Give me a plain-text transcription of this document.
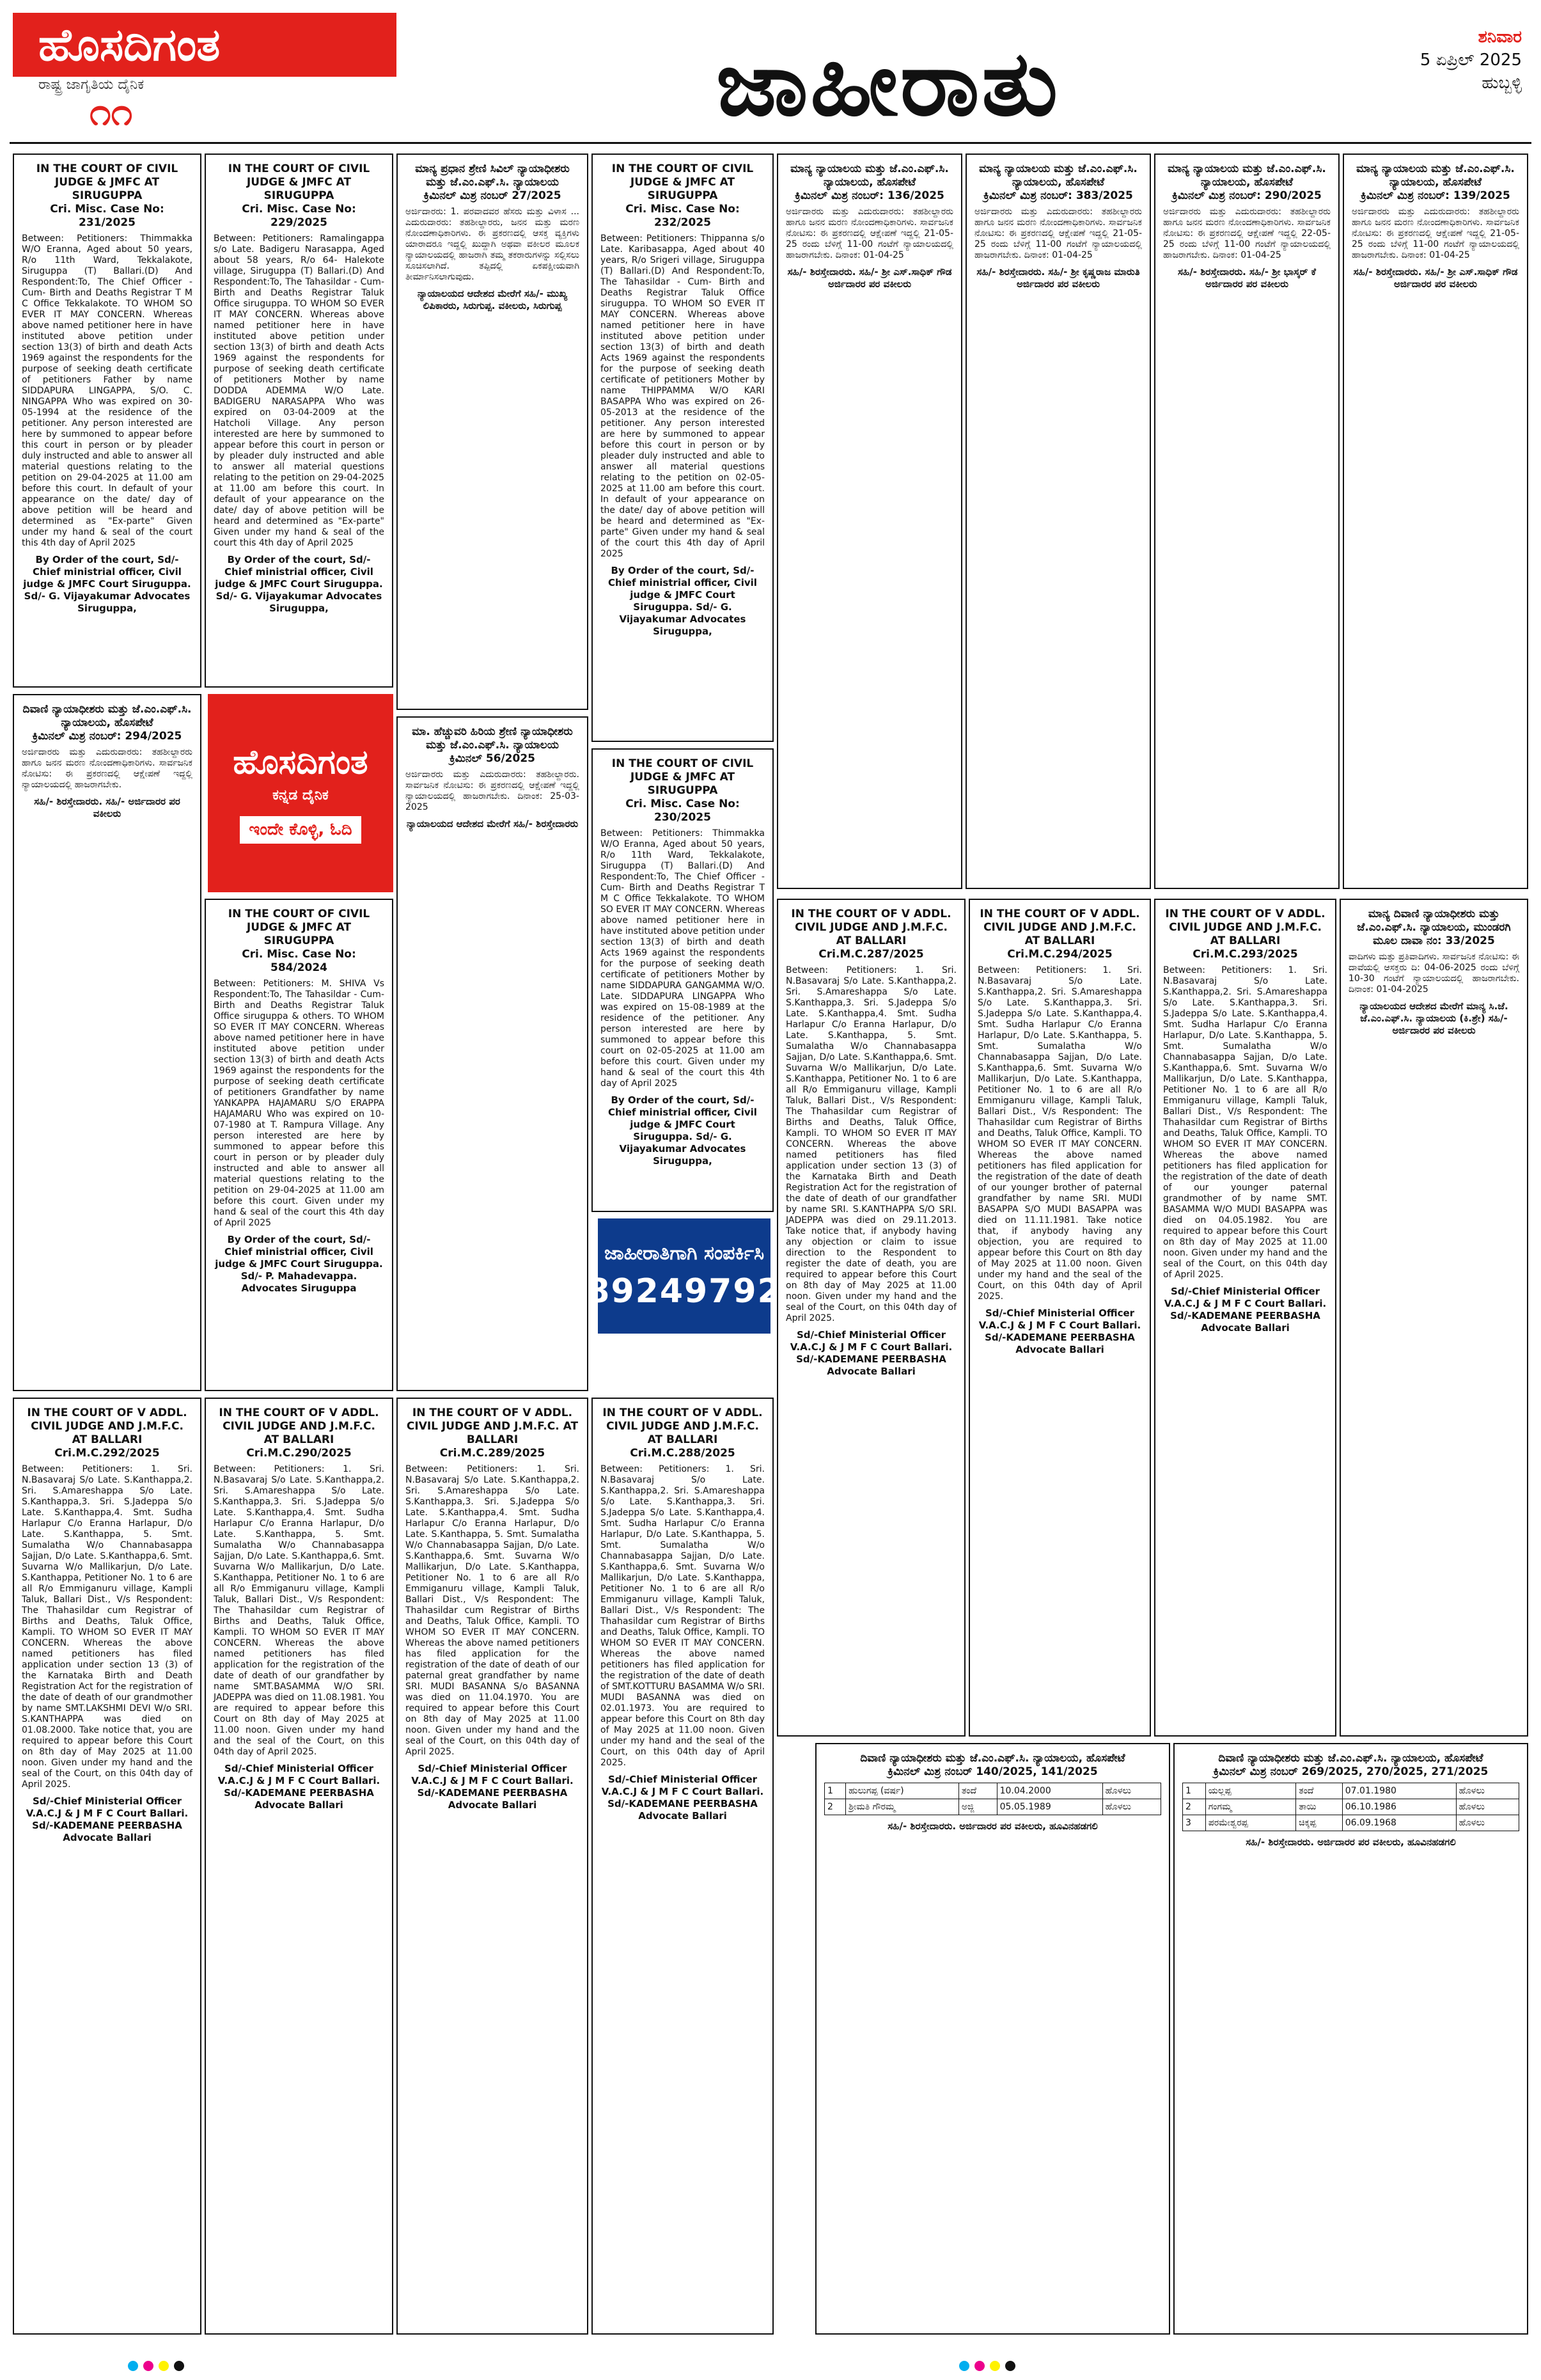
ಹೊಸದಿಗಂತ
ರಾಷ್ಟ್ರ ಜಾಗೃತಿಯ ದೈನಿಕ
೧೧	ಜಾಹೀರಾತು	ಶನಿವಾರ
5 ಏಪ್ರಿಲ್ 2025
ಹುಬ್ಬಳ್ಳಿ
IN THE COURT OF CIVIL JUDGE & JMFC AT SIRUGUPPA
Cri. Misc. Case No: 231/2025

Between: Petitioners: Thimmakka W/O Eranna, Aged about 50 years, R/o 11th Ward, Tekkalakote, Siruguppa (T) Ballari.(D) And Respondent:To, The Chief Officer - Cum- Birth and Deaths Registrar T M C Office Tekkalakote. TO WHOM SO EVER IT MAY CONCERN. Whereas above named petitioner here in have instituted above petition under section 13(3) of birth and death Acts 1969 against the respondents for the purpose of seeking death certificate of petitioners Father by name SIDDAPURA LINGAPPA, S/O. C. NINGAPPA Who was expired on 30-05-1994 at the residence of the petitioner. Any person interested are here by summoned to appear before this court in person or by pleader duly instructed and able to answer all material questions relating to the petition on 29-04-2025 at 11.00 am before this court. In default of your appearance on the date/ day of above petition will be heard and determined as "Ex-parte" Given under my hand & seal of the court this 4th day of April 2025

By Order of the court, Sd/- Chief ministrial officer, Civil judge & JMFC Court Siruguppa. Sd/- G. Vijayakumar Advocates Siruguppa,
IN THE COURT OF CIVIL JUDGE & JMFC AT SIRUGUPPA
Cri. Misc. Case No: 229/2025

Between: Petitioners: Ramalingappa s/o Late. Badigeru Narasappa, Aged about 58 years, R/o 64- Halekote village, Siruguppa (T) Ballari.(D) And Respondent:To, The Tahasildar - Cum- Birth and Deaths Registrar Taluk Office siruguppa. TO WHOM SO EVER IT MAY CONCERN. Whereas above named petitioner here in have instituted above petition under section 13(3) of birth and death Acts 1969 against the respondents for purpose of seeking death certificate of petitioners Mother by name DODDA ADEMMA W/O Late. BADIGERU NARASAPPA Who was expired on 03-04-2009 at the Hatcholi Village. Any person interested are here by summoned to appear before this court in person or by pleader duly instructed and able to answer all material questions relating to the petition on 29-04-2025 at 11.00 am before this court. In default of your appearance on the date/ day of above petition will be heard and determined as "Ex-parte" Given under my hand & seal of the court this 4th day of April 2025

By Order of the court, Sd/- Chief ministrial officer, Civil judge & JMFC Court Siruguppa. Sd/- G. Vijayakumar Advocates Siruguppa,
ಮಾನ್ಯ ಪ್ರಧಾನ ಶ್ರೇಣಿ ಸಿವಿಲ್ ನ್ಯಾಯಾಧೀಶರು ಮತ್ತು ಜೆ.ಎಂ.ಎಫ್.ಸಿ. ನ್ಯಾಯಾಲಯ
ಕ್ರಿಮಿನಲ್ ಮಿಶ್ರ ನಂಬರ್ 27/2025

ಅರ್ಜಿದಾರರು: 1. ಪರವಾದವರ ಹೆಸರು ಮತ್ತು ವಿಳಾಸ ... ಎದುರುದಾರರು: ತಹಶೀಲ್ದಾರರು, ಜನನ ಮತ್ತು ಮರಣ ನೋಂದಣಾಧಿಕಾರಿಗಳು. ಈ ಪ್ರಕರಣದಲ್ಲಿ ಆಸಕ್ತ ವ್ಯಕ್ತಿಗಳು ಯಾರಾದರೂ ಇದ್ದಲ್ಲಿ ಖುದ್ದಾಗಿ ಅಥವಾ ವಕೀಲರ ಮೂಲಕ ನ್ಯಾಯಾಲಯದಲ್ಲಿ ಹಾಜರಾಗಿ ತಮ್ಮ ತಕರಾರುಗಳನ್ನು ಸಲ್ಲಿಸಲು ಸೂಚಿಸಲಾಗಿದೆ. ತಪ್ಪಿದಲ್ಲಿ ಏಕಪಕ್ಷೀಯವಾಗಿ ತೀರ್ಮಾನಿಸಲಾಗುವುದು.

ನ್ಯಾಯಾಲಯದ ಆದೇಶದ ಮೇರೆಗೆ ಸಹಿ/- ಮುಖ್ಯ ಲಿಪಿಕಾರರು, ಸಿರುಗುಪ್ಪ. ವಕೀಲರು, ಸಿರುಗುಪ್ಪ
IN THE COURT OF CIVIL JUDGE & JMFC AT SIRUGUPPA
Cri. Misc. Case No: 232/2025

Between: Petitioners: Thippanna s/o Late. Karibasappa, Aged about 40 years, R/o Srigeri village, Siruguppa (T) Ballari.(D) And Respondent:To, The Tahasildar - Cum- Birth and Deaths Registrar Taluk Office siruguppa. TO WHOM SO EVER IT MAY CONCERN. Whereas above named petitioner here in have instituted above petition under section 13(3) of birth and death Acts 1969 against the respondents for the purpose of seeking death certificate of petitioners Mother by name THIPPAMMA W/O KARI BASAPPA Who was expired on 26-05-2013 at the residence of the petitioner. Any person interested are here by summoned to appear before this court in person or by pleader duly instructed and able to answer all material questions relating to the petition on 02-05-2025 at 11.00 am before this court. In default of your appearance on the date/ day of above petition will be heard and determined as "Ex-parte" Given under my hand & seal of the court this 4th day of April 2025

By Order of the court, Sd/- Chief ministrial officer, Civil judge & JMFC Court Siruguppa. Sd/- G. Vijayakumar Advocates Siruguppa,
ಮಾನ್ಯ ನ್ಯಾಯಾಲಯ ಮತ್ತು ಜೆ.ಎಂ.ಎಫ್.ಸಿ. ನ್ಯಾಯಾಲಯ, ಹೊಸಪೇಟೆ
ಕ್ರಿಮಿನಲ್ ಮಿಶ್ರ ನಂಬರ್: 136/2025

ಅರ್ಜಿದಾರರು ಮತ್ತು ಎದುರುದಾರರು: ತಹಶೀಲ್ದಾರರು ಹಾಗೂ ಜನನ ಮರಣ ನೋಂದಣಾಧಿಕಾರಿಗಳು. ಸಾರ್ವಜನಿಕ ನೋಟಿಸು: ಈ ಪ್ರಕರಣದಲ್ಲಿ ಆಕ್ಷೇಪಣೆ ಇದ್ದಲ್ಲಿ 21-05-25 ರಂದು ಬೆಳಿಗ್ಗೆ 11-00 ಗಂಟೆಗೆ ನ್ಯಾಯಾಲಯದಲ್ಲಿ ಹಾಜರಾಗಬೇಕು. ದಿನಾಂಕ: 01-04-25

ಸಹಿ/- ಶಿರಸ್ತೇದಾರರು. ಸಹಿ/- ಶ್ರೀ ಎಸ್.ಸಾಧಿಕ್ ಗೌಡ ಅರ್ಜಿದಾರರ ಪರ ವಕೀಲರು
ಮಾನ್ಯ ನ್ಯಾಯಾಲಯ ಮತ್ತು ಜೆ.ಎಂ.ಎಫ್.ಸಿ. ನ್ಯಾಯಾಲಯ, ಹೊಸಪೇಟೆ
ಕ್ರಿಮಿನಲ್ ಮಿಶ್ರ ನಂಬರ್: 383/2025

ಅರ್ಜಿದಾರರು ಮತ್ತು ಎದುರುದಾರರು: ತಹಶೀಲ್ದಾರರು ಹಾಗೂ ಜನನ ಮರಣ ನೋಂದಣಾಧಿಕಾರಿಗಳು. ಸಾರ್ವಜನಿಕ ನೋಟಿಸು: ಈ ಪ್ರಕರಣದಲ್ಲಿ ಆಕ್ಷೇಪಣೆ ಇದ್ದಲ್ಲಿ 21-05-25 ರಂದು ಬೆಳಿಗ್ಗೆ 11-00 ಗಂಟೆಗೆ ನ್ಯಾಯಾಲಯದಲ್ಲಿ ಹಾಜರಾಗಬೇಕು. ದಿನಾಂಕ: 01-04-25

ಸಹಿ/- ಶಿರಸ್ತೇದಾರರು. ಸಹಿ/- ಶ್ರೀ ಕೃಷ್ಣರಾಜ ಮಾರುತಿ ಅರ್ಜಿದಾರರ ಪರ ವಕೀಲರು
ಮಾನ್ಯ ನ್ಯಾಯಾಲಯ ಮತ್ತು ಜೆ.ಎಂ.ಎಫ್.ಸಿ. ನ್ಯಾಯಾಲಯ, ಹೊಸಪೇಟೆ
ಕ್ರಿಮಿನಲ್ ಮಿಶ್ರ ನಂಬರ್: 290/2025

ಅರ್ಜಿದಾರರು ಮತ್ತು ಎದುರುದಾರರು: ತಹಶೀಲ್ದಾರರು ಹಾಗೂ ಜನನ ಮರಣ ನೋಂದಣಾಧಿಕಾರಿಗಳು. ಸಾರ್ವಜನಿಕ ನೋಟಿಸು: ಈ ಪ್ರಕರಣದಲ್ಲಿ ಆಕ್ಷೇಪಣೆ ಇದ್ದಲ್ಲಿ 22-05-25 ರಂದು ಬೆಳಿಗ್ಗೆ 11-00 ಗಂಟೆಗೆ ನ್ಯಾಯಾಲಯದಲ್ಲಿ ಹಾಜರಾಗಬೇಕು. ದಿನಾಂಕ: 01-04-25

ಸಹಿ/- ಶಿರಸ್ತೇದಾರರು. ಸಹಿ/- ಶ್ರೀ ಭಾಸ್ಕರ್ ಕೆ ಅರ್ಜಿದಾರರ ಪರ ವಕೀಲರು
ಮಾನ್ಯ ನ್ಯಾಯಾಲಯ ಮತ್ತು ಜೆ.ಎಂ.ಎಫ್.ಸಿ. ನ್ಯಾಯಾಲಯ, ಹೊಸಪೇಟೆ
ಕ್ರಿಮಿನಲ್ ಮಿಶ್ರ ನಂಬರ್: 139/2025

ಅರ್ಜಿದಾರರು ಮತ್ತು ಎದುರುದಾರರು: ತಹಶೀಲ್ದಾರರು ಹಾಗೂ ಜನನ ಮರಣ ನೋಂದಣಾಧಿಕಾರಿಗಳು. ಸಾರ್ವಜನಿಕ ನೋಟಿಸು: ಈ ಪ್ರಕರಣದಲ್ಲಿ ಆಕ್ಷೇಪಣೆ ಇದ್ದಲ್ಲಿ 21-05-25 ರಂದು ಬೆಳಿಗ್ಗೆ 11-00 ಗಂಟೆಗೆ ನ್ಯಾಯಾಲಯದಲ್ಲಿ ಹಾಜರಾಗಬೇಕು. ದಿನಾಂಕ: 01-04-25

ಸಹಿ/- ಶಿರಸ್ತೇದಾರರು. ಸಹಿ/- ಶ್ರೀ ಎಸ್.ಸಾಧಿಕ್ ಗೌಡ ಅರ್ಜಿದಾರರ ಪರ ವಕೀಲರು
ದಿವಾಣಿ ನ್ಯಾಯಾಧೀಶರು ಮತ್ತು ಜೆ.ಎಂ.ಎಫ್.ಸಿ. ನ್ಯಾಯಾಲಯ, ಹೊಸಪೇಟೆ
ಕ್ರಿಮಿನಲ್ ಮಿಶ್ರ ನಂಬರ್: 294/2025

ಅರ್ಜಿದಾರರು ಮತ್ತು ಎದುರುದಾರರು: ತಹಶೀಲ್ದಾರರು ಹಾಗೂ ಜನನ ಮರಣ ನೋಂದಣಾಧಿಕಾರಿಗಳು. ಸಾರ್ವಜನಿಕ ನೋಟಿಸು: ಈ ಪ್ರಕರಣದಲ್ಲಿ ಆಕ್ಷೇಪಣೆ ಇದ್ದಲ್ಲಿ ನ್ಯಾಯಾಲಯದಲ್ಲಿ ಹಾಜರಾಗಬೇಕು.

ಸಹಿ/- ಶಿರಸ್ತೇದಾರರು. ಸಹಿ/- ಅರ್ಜಿದಾರರ ಪರ ವಕೀಲರು
ಹೊಸದಿಗಂತ
ಕನ್ನಡ ದೈನಿಕ
ಇಂದೇ ಕೊಳ್ಳಿ, ಓದಿ
IN THE COURT OF CIVIL JUDGE & JMFC AT SIRUGUPPA
Cri. Misc. Case No: 584/2024

Between: Petitioners: M. SHIVA Vs Respondent:To, The Tahasildar - Cum- Birth and Deaths Registrar Taluk Office siruguppa & others. TO WHOM SO EVER IT MAY CONCERN. Whereas above named petitioner here in have instituted above petition under section 13(3) of birth and death Acts 1969 against the respondents for the purpose of seeking death certificate of petitioners Grandfather by name YANKAPPA HAJAMARU S/O ERAPPA HAJAMARU Who was expired on 10-07-1980 at T. Rampura Village. Any person interested are here by summoned to appear before this court in person or by pleader duly instructed and able to answer all material questions relating to the petition on 29-04-2025 at 11.00 am before this court. Given under my hand & seal of the court this 4th day of April 2025

By Order of the court, Sd/- Chief ministrial officer, Civil judge & JMFC Court Siruguppa. Sd/- P. Mahadevappa. Advocates Siruguppa
ಮಾ. ಹೆಚ್ಚುವರಿ ಹಿರಿಯ ಶ್ರೇಣಿ ನ್ಯಾಯಾಧೀಶರು ಮತ್ತು ಜೆ.ಎಂ.ಎಫ್.ಸಿ. ನ್ಯಾಯಾಲಯ
ಕ್ರಿಮಿನಲ್ 56/2025

ಅರ್ಜಿದಾರರು ಮತ್ತು ಎದುರುದಾರರು: ತಹಶೀಲ್ದಾರರು. ಸಾರ್ವಜನಿಕ ನೋಟಿಸು: ಈ ಪ್ರಕರಣದಲ್ಲಿ ಆಕ್ಷೇಪಣೆ ಇದ್ದಲ್ಲಿ ನ್ಯಾಯಾಲಯದಲ್ಲಿ ಹಾಜರಾಗಬೇಕು. ದಿನಾಂಕ: 25-03-2025

ನ್ಯಾಯಾಲಯದ ಆದೇಶದ ಮೇರೆಗೆ ಸಹಿ/- ಶಿರಸ್ತೇದಾರರು
IN THE COURT OF CIVIL JUDGE & JMFC AT SIRUGUPPA
Cri. Misc. Case No: 230/2025

Between: Petitioners: Thimmakka W/O Eranna, Aged about 50 years, R/o 11th Ward, Tekkalakote, Siruguppa (T) Ballari.(D) And Respondent:To, The Chief Officer - Cum- Birth and Deaths Registrar T M C Office Tekkalakote. TO WHOM SO EVER IT MAY CONCERN. Whereas above named petitioner here in have instituted above petition under section 13(3) of birth and death Acts 1969 against the respondents for the purpose of seeking death certificate of petitioners Mother by name SIDDAPURA GANGAMMA W/O. Late. SIDDAPURA LINGAPPA Who was expired on 15-08-1989 at the residence of the petitioner. Any person interested are here by summoned to appear before this court on 02-05-2025 at 11.00 am before this court. Given under my hand & seal of the court this 4th day of April 2025

By Order of the court, Sd/- Chief ministrial officer, Civil judge & JMFC Court Siruguppa. Sd/- G. Vijayakumar Advocates Siruguppa,
ಜಾಹೀರಾತಿಗಾಗಿ ಸಂಪರ್ಕಿಸಿ
8892497927
IN THE COURT OF V ADDL. CIVIL JUDGE AND J.M.F.C. AT BALLARI
Cri.M.C.287/2025

Between: Petitioners: 1. Sri. N.Basavaraj S/o Late. S.Kanthappa,2. Sri. S.Amareshappa S/o Late. S.Kanthappa,3. Sri. S.Jadeppa S/o Late. S.Kanthappa,4. Smt. Sudha Harlapur C/o Eranna Harlapur, D/o Late. S.Kanthappa, 5. Smt. Sumalatha W/o Channabasappa Sajjan, D/o Late. S.Kanthappa,6. Smt. Suvarna W/o Mallikarjun, D/o Late. S.Kanthappa, Petitioner No. 1 to 6 are all R/o Emmiganuru village, Kampli Taluk, Ballari Dist., V/s Respondent: The Thahasildar cum Registrar of Births and Deaths, Taluk Office, Kampli. TO WHOM SO EVER IT MAY CONCERN. Whereas the above named petitioners has filed application under section 13 (3) of the Karnataka Birth and Death Registration Act for the registration of the date of death of our grandfather by name SRI. S.KANTHAPPA S/O SRI. JADEPPA was died on 29.11.2013. Take notice that, if anybody having any objection or claim to issue direction to the Respondent to register the date of death, you are required to appear before this Court on 8th day of May 2025 at 11.00 noon. Given under my hand and the seal of the Court, on this 04th day of April 2025.

Sd/-Chief Ministerial Officer V.A.C.J & J M F C Court Ballari. Sd/-KADEMANE PEERBASHA Advocate Ballari
IN THE COURT OF V ADDL. CIVIL JUDGE AND J.M.F.C. AT BALLARI
Cri.M.C.294/2025

Between: Petitioners: 1. Sri. N.Basavaraj S/o Late. S.Kanthappa,2. Sri. S.Amareshappa S/o Late. S.Kanthappa,3. Sri. S.Jadeppa S/o Late. S.Kanthappa,4. Smt. Sudha Harlapur C/o Eranna Harlapur, D/o Late. S.Kanthappa, 5. Smt. Sumalatha W/o Channabasappa Sajjan, D/o Late. S.Kanthappa,6. Smt. Suvarna W/o Mallikarjun, D/o Late. S.Kanthappa, Petitioner No. 1 to 6 are all R/o Emmiganuru village, Kampli Taluk, Ballari Dist., V/s Respondent: The Thahasildar cum Registrar of Births and Deaths, Taluk Office, Kampli. TO WHOM SO EVER IT MAY CONCERN. Whereas the above named petitioners has filed application for the registration of the date of death of our younger brother of paternal grandfather by name SRI. MUDI BASAPPA S/O MUDI BASAPPA was died on 11.11.1981. Take notice that, if anybody having any objection, you are required to appear before this Court on 8th day of May 2025 at 11.00 noon. Given under my hand and the seal of the Court, on this 04th day of April 2025.

Sd/-Chief Ministerial Officer V.A.C.J & J M F C Court Ballari. Sd/-KADEMANE PEERBASHA Advocate Ballari
IN THE COURT OF V ADDL. CIVIL JUDGE AND J.M.F.C. AT BALLARI
Cri.M.C.293/2025

Between: Petitioners: 1. Sri. N.Basavaraj S/o Late. S.Kanthappa,2. Sri. S.Amareshappa S/o Late. S.Kanthappa,3. Sri. S.Jadeppa S/o Late. S.Kanthappa,4. Smt. Sudha Harlapur C/o Eranna Harlapur, D/o Late. S.Kanthappa, 5. Smt. Sumalatha W/o Channabasappa Sajjan, D/o Late. S.Kanthappa,6. Smt. Suvarna W/o Mallikarjun, D/o Late. S.Kanthappa, Petitioner No. 1 to 6 are all R/o Emmiganuru village, Kampli Taluk, Ballari Dist., V/s Respondent: The Thahasildar cum Registrar of Births and Deaths, Taluk Office, Kampli. TO WHOM SO EVER IT MAY CONCERN. Whereas the above named petitioners has filed application for the registration of the date of death of our younger paternal grandmother of by name SMT. BASAMMA W/O MUDI BASAPPA was died on 04.05.1982. You are required to appear before this Court on 8th day of May 2025 at 11.00 noon. Given under my hand and the seal of the Court, on this 04th day of April 2025.

Sd/-Chief Ministerial Officer V.A.C.J & J M F C Court Ballari. Sd/-KADEMANE PEERBASHA Advocate Ballari
ಮಾನ್ಯ ದಿವಾಣಿ ನ್ಯಾಯಾಧೀಶರು ಮತ್ತು ಜೆ.ಎಂ.ಎಫ್.ಸಿ. ನ್ಯಾಯಾಲಯ, ಮುಂಡರಗಿ
ಮೂಲ ದಾವಾ ನಂ: 33/2025

ವಾದಿಗಳು ಮತ್ತು ಪ್ರತಿವಾದಿಗಳು. ಸಾರ್ವಜನಿಕ ನೋಟಿಸು: ಈ ದಾವೆಯಲ್ಲಿ ಆಸಕ್ತರು ದಿ: 04-06-2025 ರಂದು ಬೆಳಿಗ್ಗೆ 10-30 ಗಂಟೆಗೆ ನ್ಯಾಯಾಲಯದಲ್ಲಿ ಹಾಜರಾಗಬೇಕು. ದಿನಾಂಕ: 01-04-2025

ನ್ಯಾಯಾಲಯದ ಆದೇಶದ ಮೇರೆಗೆ ಮಾನ್ಯ ಸಿ.ಜೆ. ಜೆ.ಎಂ.ಎಫ್.ಸಿ. ನ್ಯಾಯಾಲಯ (ಕಿ.ಶ್ರೇ) ಸಹಿ/- ಅರ್ಜಿದಾರರ ಪರ ವಕೀಲರು
IN THE COURT OF V ADDL. CIVIL JUDGE AND J.M.F.C. AT BALLARI
Cri.M.C.292/2025

Between: Petitioners: 1. Sri. N.Basavaraj S/o Late. S.Kanthappa,2. Sri. S.Amareshappa S/o Late. S.Kanthappa,3. Sri. S.Jadeppa S/o Late. S.Kanthappa,4. Smt. Sudha Harlapur C/o Eranna Harlapur, D/o Late. S.Kanthappa, 5. Smt. Sumalatha W/o Channabasappa Sajjan, D/o Late. S.Kanthappa,6. Smt. Suvarna W/o Mallikarjun, D/o Late. S.Kanthappa, Petitioner No. 1 to 6 are all R/o Emmiganuru village, Kampli Taluk, Ballari Dist., V/s Respondent: The Thahasildar cum Registrar of Births and Deaths, Taluk Office, Kampli. TO WHOM SO EVER IT MAY CONCERN. Whereas the above named petitioners has filed application under section 13 (3) of the Karnataka Birth and Death Registration Act for the registration of the date of death of our grandmother by name SMT.LAKSHMI DEVI W/o SRI. S.KANTHAPPA was died on 01.08.2000. Take notice that, you are required to appear before this Court on 8th day of May 2025 at 11.00 noon. Given under my hand and the seal of the Court, on this 04th day of April 2025.

Sd/-Chief Ministerial Officer V.A.C.J & J M F C Court Ballari. Sd/-KADEMANE PEERBASHA Advocate Ballari
IN THE COURT OF V ADDL. CIVIL JUDGE AND J.M.F.C. AT BALLARI
Cri.M.C.290/2025

Between: Petitioners: 1. Sri. N.Basavaraj S/o Late. S.Kanthappa,2. Sri. S.Amareshappa S/o Late. S.Kanthappa,3. Sri. S.Jadeppa S/o Late. S.Kanthappa,4. Smt. Sudha Harlapur C/o Eranna Harlapur, D/o Late. S.Kanthappa, 5. Smt. Sumalatha W/o Channabasappa Sajjan, D/o Late. S.Kanthappa,6. Smt. Suvarna W/o Mallikarjun, D/o Late. S.Kanthappa, Petitioner No. 1 to 6 are all R/o Emmiganuru village, Kampli Taluk, Ballari Dist., V/s Respondent: The Thahasildar cum Registrar of Births and Deaths, Taluk Office, Kampli. TO WHOM SO EVER IT MAY CONCERN. Whereas the above named petitioners has filed application for the registration of the date of death of our grandfather by name SMT.BASAMMA W/O SRI. JADEPPA was died on 11.08.1981. You are required to appear before this Court on 8th day of May 2025 at 11.00 noon. Given under my hand and the seal of the Court, on this 04th day of April 2025.

Sd/-Chief Ministerial Officer V.A.C.J & J M F C Court Ballari. Sd/-KADEMANE PEERBASHA Advocate Ballari
IN THE COURT OF V ADDL. CIVIL JUDGE AND J.M.F.C. AT BALLARI
Cri.M.C.289/2025

Between: Petitioners: 1. Sri. N.Basavaraj S/o Late. S.Kanthappa,2. Sri. S.Amareshappa S/o Late. S.Kanthappa,3. Sri. S.Jadeppa S/o Late. S.Kanthappa,4. Smt. Sudha Harlapur C/o Eranna Harlapur, D/o Late. S.Kanthappa, 5. Smt. Sumalatha W/o Channabasappa Sajjan, D/o Late. S.Kanthappa,6. Smt. Suvarna W/o Mallikarjun, D/o Late. S.Kanthappa, Petitioner No. 1 to 6 are all R/o Emmiganuru village, Kampli Taluk, Ballari Dist., V/s Respondent: The Thahasildar cum Registrar of Births and Deaths, Taluk Office, Kampli. TO WHOM SO EVER IT MAY CONCERN. Whereas the above named petitioners has filed application for the registration of the date of death of our paternal great grandfather by name SRI. MUDI BASANNA S/o BASANNA was died on 11.04.1970. You are required to appear before this Court on 8th day of May 2025 at 11.00 noon. Given under my hand and the seal of the Court, on this 04th day of April 2025.

Sd/-Chief Ministerial Officer V.A.C.J & J M F C Court Ballari. Sd/-KADEMANE PEERBASHA Advocate Ballari
IN THE COURT OF V ADDL. CIVIL JUDGE AND J.M.F.C. AT BALLARI
Cri.M.C.288/2025

Between: Petitioners: 1. Sri. N.Basavaraj S/o Late. S.Kanthappa,2. Sri. S.Amareshappa S/o Late. S.Kanthappa,3. Sri. S.Jadeppa S/o Late. S.Kanthappa,4. Smt. Sudha Harlapur C/o Eranna Harlapur, D/o Late. S.Kanthappa, 5. Smt. Sumalatha W/o Channabasappa Sajjan, D/o Late. S.Kanthappa,6. Smt. Suvarna W/o Mallikarjun, D/o Late. S.Kanthappa, Petitioner No. 1 to 6 are all R/o Emmiganuru village, Kampli Taluk, Ballari Dist., V/s Respondent: The Thahasildar cum Registrar of Births and Deaths, Taluk Office, Kampli. TO WHOM SO EVER IT MAY CONCERN. Whereas the above named petitioners has filed application for the registration of the date of death of SMT.KOTTURU BASAMMA W/o SRI. MUDI BASANNA was died on 02.01.1973. You are required to appear before this Court on 8th day of May 2025 at 11.00 noon. Given under my hand and the seal of the Court, on this 04th day of April 2025.

Sd/-Chief Ministerial Officer V.A.C.J & J M F C Court Ballari. Sd/-KADEMANE PEERBASHA Advocate Ballari
ದಿವಾಣಿ ನ್ಯಾಯಾಧೀಶರು ಮತ್ತು ಜೆ.ಎಂ.ಎಫ್.ಸಿ. ನ್ಯಾಯಾಲಯ, ಹೊಸಪೇಟೆ
ಕ್ರಿಮಿನಲ್ ಮಿಶ್ರ ನಂಬರ್ 140/2025, 141/2025
1	ಹುಲುಗಪ್ಪ (ವರ್ಷ)	ತಂದೆ	10.04.2000	ಹೊಳಲು
2	ಶ್ರೀಮತಿ ಗೌರಮ್ಮ	ಅಜ್ಜಿ	05.05.1989	ಹೊಳಲು
ಸಹಿ/- ಶಿರಸ್ತೇದಾರರು. ಅರ್ಜಿದಾರರ ಪರ ವಕೀಲರು, ಹೂವಿನಹಡಗಲಿ
ದಿವಾಣಿ ನ್ಯಾಯಾಧೀಶರು ಮತ್ತು ಜೆ.ಎಂ.ಎಫ್.ಸಿ. ನ್ಯಾಯಾಲಯ, ಹೊಸಪೇಟೆ
ಕ್ರಿಮಿನಲ್ ಮಿಶ್ರ ನಂಬರ್ 269/2025, 270/2025, 271/2025
1	ಯಲ್ಲಪ್ಪ	ತಂದೆ	07.01.1980	ಹೊಳಲು
2	ಗಂಗಮ್ಮ	ತಾಯಿ	06.10.1986	ಹೊಳಲು
3	ಪರಮೇಶ್ವರಪ್ಪ	ಚಿಕ್ಕಪ್ಪ	06.09.1968	ಹೊಳಲು
ಸಹಿ/- ಶಿರಸ್ತೇದಾರರು. ಅರ್ಜಿದಾರರ ಪರ ವಕೀಲರು, ಹೂವಿನಹಡಗಲಿ
